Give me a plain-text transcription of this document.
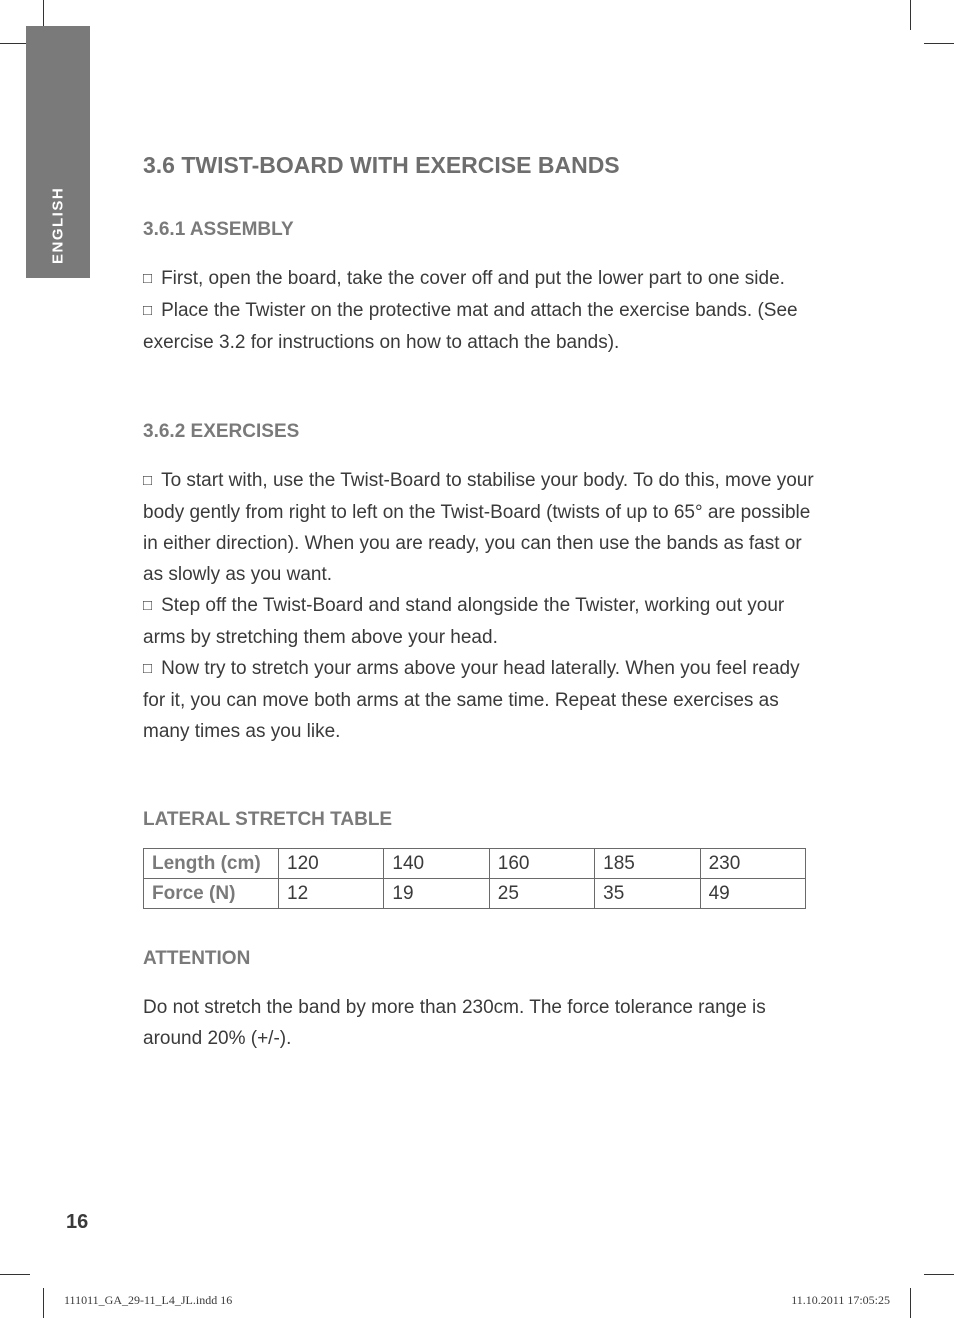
ENGLISH
3.6 TWIST-BOARD WITH EXERCISE BANDS
3.6.1 ASSEMBLY
□ First, open the board, take the cover off and put the lower part to one side.
□ Place the Twister on the protective mat and attach the exercise bands. (See exercise 3.2 for instructions on how to attach the bands).
3.6.2 EXERCISES
□ To start with, use the Twist-Board to stabilise your body. To do this, move your body gently from right to left on the Twist-Board (twists of up to 65° are possible in either direction). When you are ready, you can then use the bands as fast or as slowly as you want.
□ Step off the Twist-Board and stand alongside the Twister, working out your arms by stretching them above your head.
□ Now try to stretch your arms above your head laterally. When you feel ready for it, you can move both arms at the same time. Repeat these exercises as many times as you like.
LATERAL STRETCH TABLE
Length (cm)	120	140	160	185	230
Force (N)	12	19	25	35	49
ATTENTION
Do not stretch the band by more than 230cm. The force tolerance range is around 20% (+/-).
16
111011_GA_29-11_L4_JL.indd 16	11.10.2011 17:05:25
